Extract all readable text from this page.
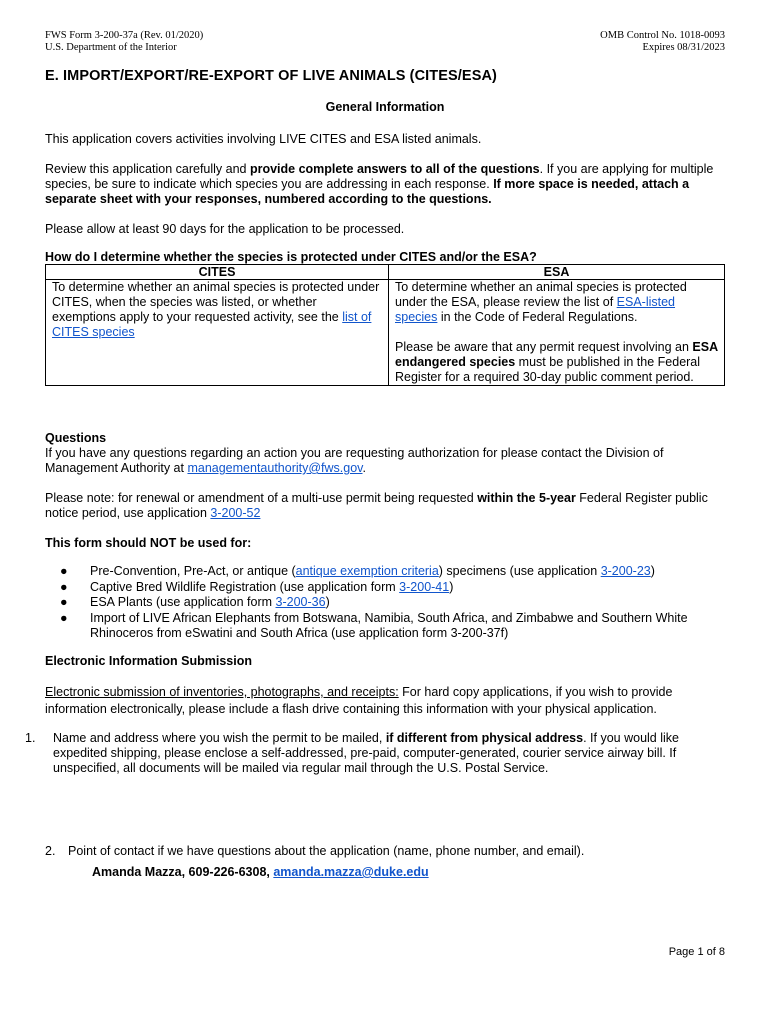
FWS Form 3-200-37a (Rev. 01/2020)
U.S. Department of the Interior
OMB Control No. 1018-0093
Expires 08/31/2023
E. IMPORT/EXPORT/RE-EXPORT OF LIVE ANIMALS (CITES/ESA)
General Information

This application covers activities involving LIVE CITES and ESA listed animals.

Review this application carefully and provide complete answers to all of the questions. If you are applying for multiple species, be sure to indicate which species you are addressing in each response. If more space is needed, attach a separate sheet with your responses, numbered according to the questions.

Please allow at least 90 days for the application to be processed.

How do I determine whether the species is protected under CITES and/or the ESA?

CITES	ESA

To determine whether an animal species is protected under CITES, when the species was listed, or whether exemptions apply to your requested activity, see the list of CITES species	To determine whether an animal species is protected under the ESA, please review the list of ESA-listed species in the Code of Federal Regulations.

Please be aware that any permit request involving an ESA endangered species must be published in the Federal Register for a required 30-day public comment period.

Questions

If you have any questions regarding an action you are requesting authorization for please contact the Division of Management Authority at managementauthority@fws.gov.

Please note: for renewal or amendment of a multi-use permit being requested within the 5-year Federal Register public notice period, use application 3-200-52

This form should NOT be used for:

● Pre-Convention, Pre-Act, or antique (antique exemption criteria) specimens (use application 3-200-23)
● Captive Bred Wildlife Registration (use application form 3-200-41)
● ESA Plants (use application form 3-200-36)
● Import of LIVE African Elephants from Botswana, Namibia, South Africa, and Zimbabwe and Southern White Rhinoceros from eSwatini and South Africa (use application form 3-200-37f)

Electronic Information Submission

Electronic submission of inventories, photographs, and receipts: For hard copy applications, if you wish to provide information electronically, please include a flash drive containing this information with your physical application.

1. Name and address where you wish the permit to be mailed, if different from physical address. If you would like expedited shipping, please enclose a self-addressed, pre-paid, computer-generated, courier service airway bill. If unspecified, all documents will be mailed via regular mail through the U.S. Postal Service.

2. Point of contact if we have questions about the application (name, phone number, and email).

Amanda Mazza, 609-226-6308, amanda.mazza@duke.edu

Page 1 of 8
